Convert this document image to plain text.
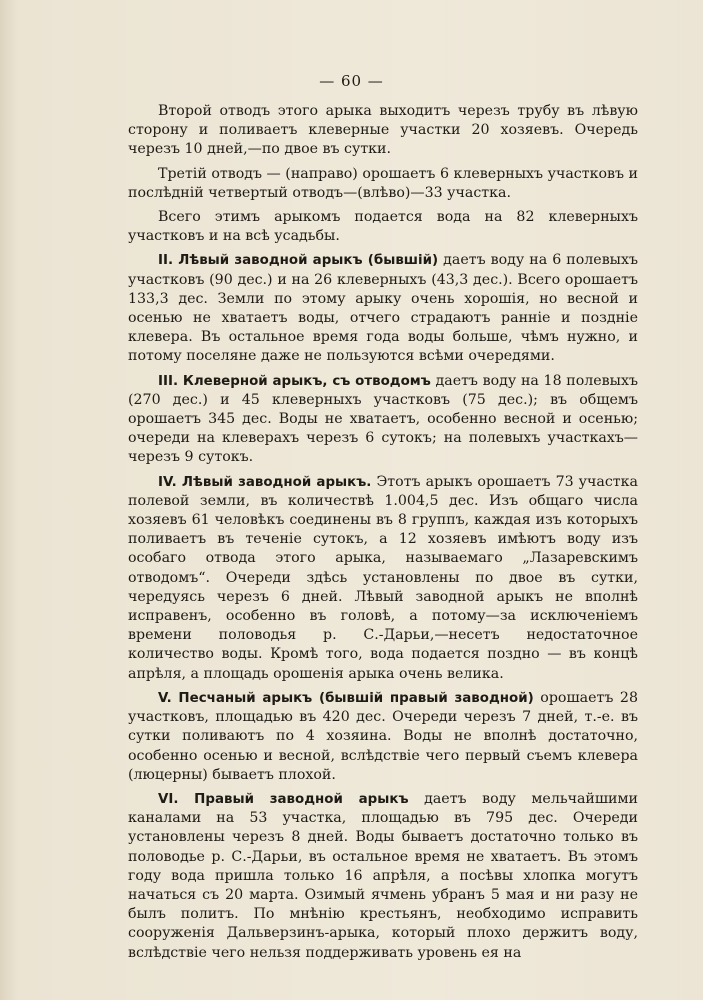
— 60 —

Второй отводъ этого арыка выходитъ черезъ трубу въ лѣвую сторону и поливаетъ клеверные участки 20 хозяевъ. Очередь черезъ 10 дней,—по двое въ сутки.

Третій отводъ — (направо) орошаетъ 6 клеверныхъ участковъ и послѣдній четвертый отводъ—(влѣво)—33 участка.

Всего этимъ арыкомъ подается вода на 82 клеверныхъ участковъ и на всѣ усадьбы.

II. Лѣвый заводной арыкъ (бывшій) даетъ воду на 6 полевыхъ участковъ (90 дес.) и на 26 клеверныхъ (43,3 дес.). Всего орошаетъ 133,3 дес. Земли по этому арыку очень хорошія, но весной и осенью не хватаетъ воды, отчего страдаютъ ранніе и поздніе клевера. Въ остальное время года воды больше, чѣмъ нужно, и потому поселяне даже не пользуются всѣми очередями.

III. Клеверной арыкъ, съ отводомъ даетъ воду на 18 полевыхъ (270 дес.) и 45 клеверныхъ участковъ (75 дес.); въ общемъ орошаетъ 345 дес. Воды не хватаетъ, особенно весной и осенью; очереди на клеверахъ черезъ 6 сутокъ; на полевыхъ участкахъ—черезъ 9 сутокъ.

IV. Лѣвый заводной арыкъ. Этотъ арыкъ орошаетъ 73 участка полевой земли, въ количествѣ 1.004,5 дес. Изъ общаго числа хозяевъ 61 человѣкъ соединены въ 8 группъ, каждая изъ которыхъ поливаетъ въ теченіе сутокъ, а 12 хозяевъ имѣютъ воду изъ особаго отвода этого арыка, называемаго „Лазаревскимъ отводомъ“. Очереди здѣсь установлены по двое въ сутки, чередуясь черезъ 6 дней. Лѣвый заводной арыкъ не вполнѣ исправенъ, особенно въ головѣ, а потому—за исключеніемъ времени половодья р. С.-Дарьи,—несетъ недостаточное количество воды. Кромѣ того, вода подается поздно — въ концѣ апрѣля, а площадь орошенія арыка очень велика.

V. Песчаный арыкъ (бывшій правый заводной) орошаетъ 28 участковъ, площадью въ 420 дес. Очереди черезъ 7 дней, т.-е. въ сутки поливаютъ по 4 хозяина. Воды не вполнѣ достаточно, особенно осенью и весной, вслѣдствіе чего первый съемъ клевера (люцерны) бываетъ плохой.

VI. Правый заводной арыкъ даетъ воду мельчайшими каналами на 53 участка, площадью въ 795 дес. Очереди установлены черезъ 8 дней. Воды бываетъ достаточно только въ половодье р. С.-Дарьи, въ остальное время не хватаетъ. Въ этомъ году вода пришла только 16 апрѣля, а посѣвы хлопка могутъ начаться съ 20 марта. Озимый ячмень убранъ 5 мая и ни разу не былъ политъ. По мнѣнію крестьянъ, необходимо исправить сооруженія Дальверзинъ-арыка, который плохо держитъ воду, вслѣдствіе чего нельзя поддерживать уровень ея на
